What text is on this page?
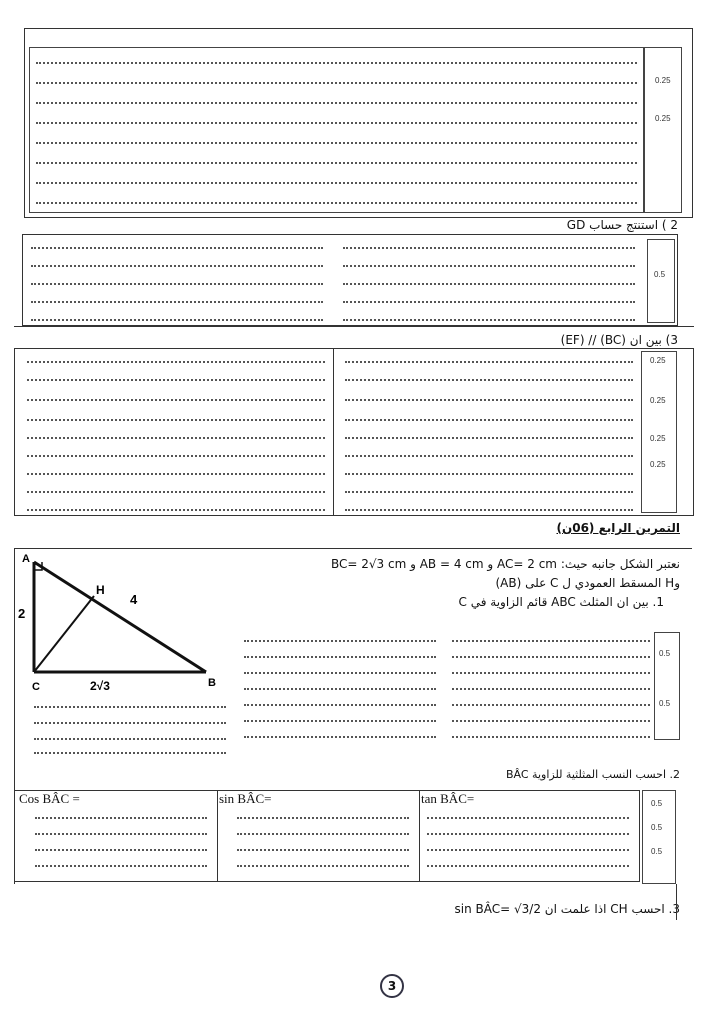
0.25
0.25
2 ) استنتج حساب GD
0.5
3) بين ان (BC) // (EF)
0.25
0.25
0.25
0.25
التمرين الرابع (06ن)
A
B
C
H
2
4
2√3
نعتبر الشكل جانبه حيث: AC= 2 cm و AB = 4 cm و BC= 2√3 cm
وH المسقط العمودي ل C على (AB)
1. بين ان المثلث ABC قائم الزاوية في C
0.5
0.5
2. احسب النسب المثلثية للزاوية BÂC
Cos BÂC =	sin BÂC=	tan BÂC=	0.5
0.5
0.5
3. احسب CH اذا علمت ان sin BÂC= √3/2
3
